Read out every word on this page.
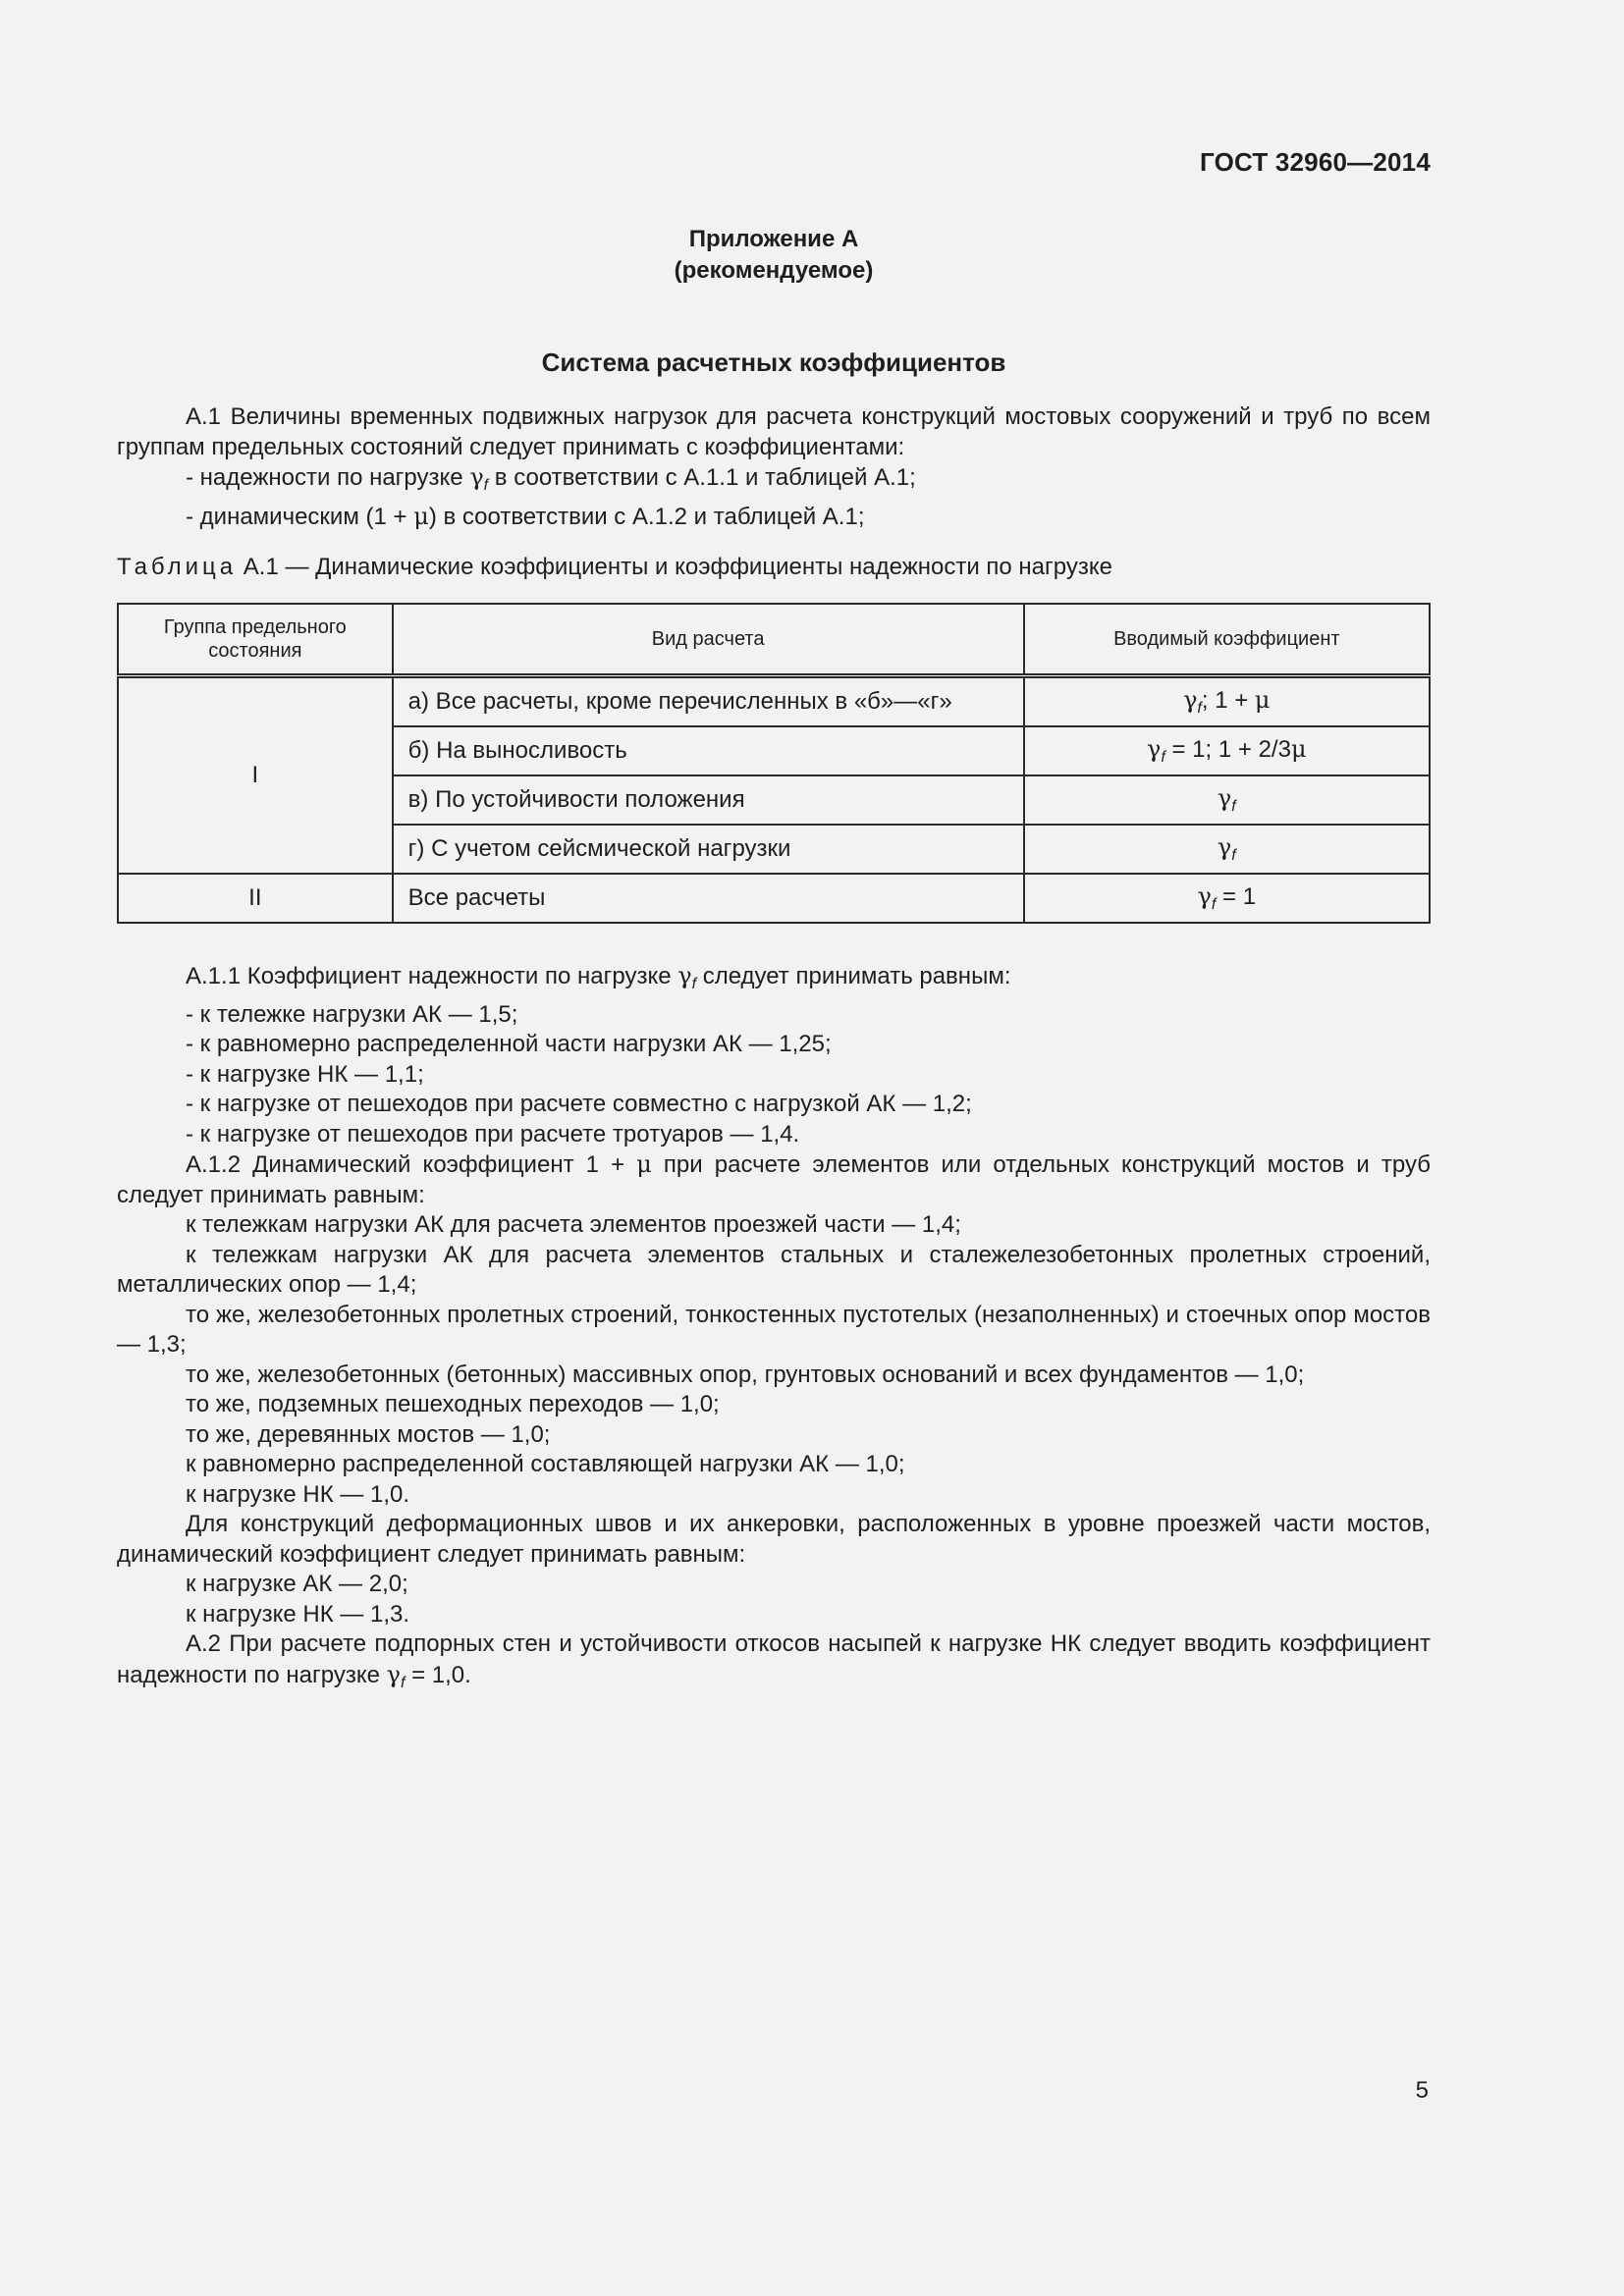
ГОСТ 32960—2014
Приложение А
(рекомендуемое)
Система расчетных коэффициентов

А.1 Величины временных подвижных нагрузок для расчета конструкций мостовых сооружений и труб по всем группам предельных состояний следует принимать с коэффициентами:

- надежности по нагрузке $\gamma_f$ в соответствии с А.1.1 и таблицей А.1;

- динамическим (1 + μ) в соответствии с А.1.2 и таблицей А.1;

Таблица А.1 — Динамические коэффициенты и коэффициенты надежности по нагрузке
Группа предельного состояния	Вид расчета	Вводимый коэффициент
I	а) Все расчеты, кроме перечисленных в «б»—«г»	$\gamma_f$; 1 + μ
	б) На выносливость	$\gamma_f = 1$; 1 + 2/3μ
	в) По устойчивости положения	$\gamma_f$
	г) С учетом сейсмической нагрузки	$\gamma_f$
II	Все расчеты	$\gamma_f = 1$

А.1.1 Коэффициент надежности по нагрузке $\gamma_f$ следует принимать равным:

- к тележке нагрузки АК — 1,5;

- к равномерно распределенной части нагрузки АК — 1,25;

- к нагрузке НК — 1,1;

- к нагрузке от пешеходов при расчете совместно с нагрузкой АК — 1,2;

- к нагрузке от пешеходов при расчете тротуаров — 1,4.

А.1.2 Динамический коэффициент 1 + μ при расчете элементов или отдельных конструкций мостов и труб следует принимать равным:

к тележкам нагрузки АК для расчета элементов проезжей части — 1,4;

к тележкам нагрузки АК для расчета элементов стальных и сталежелезобетонных пролетных строений, металлических опор — 1,4;

то же, железобетонных пролетных строений, тонкостенных пустотелых (незаполненных) и стоечных опор мостов — 1,3;

то же, железобетонных (бетонных) массивных опор, грунтовых оснований и всех фундаментов — 1,0;

то же, подземных пешеходных переходов — 1,0;

то же, деревянных мостов — 1,0;

к равномерно распределенной составляющей нагрузки АК — 1,0;

к нагрузке НК — 1,0.

Для конструкций деформационных швов и их анкеровки, расположенных в уровне проезжей части мостов, динамический коэффициент следует принимать равным:

к нагрузке АК — 2,0;

к нагрузке НК — 1,3.

А.2 При расчете подпорных стен и устойчивости откосов насыпей к нагрузке НК следует вводить коэффициент надежности по нагрузке $\gamma_f = 1,0$.

5
